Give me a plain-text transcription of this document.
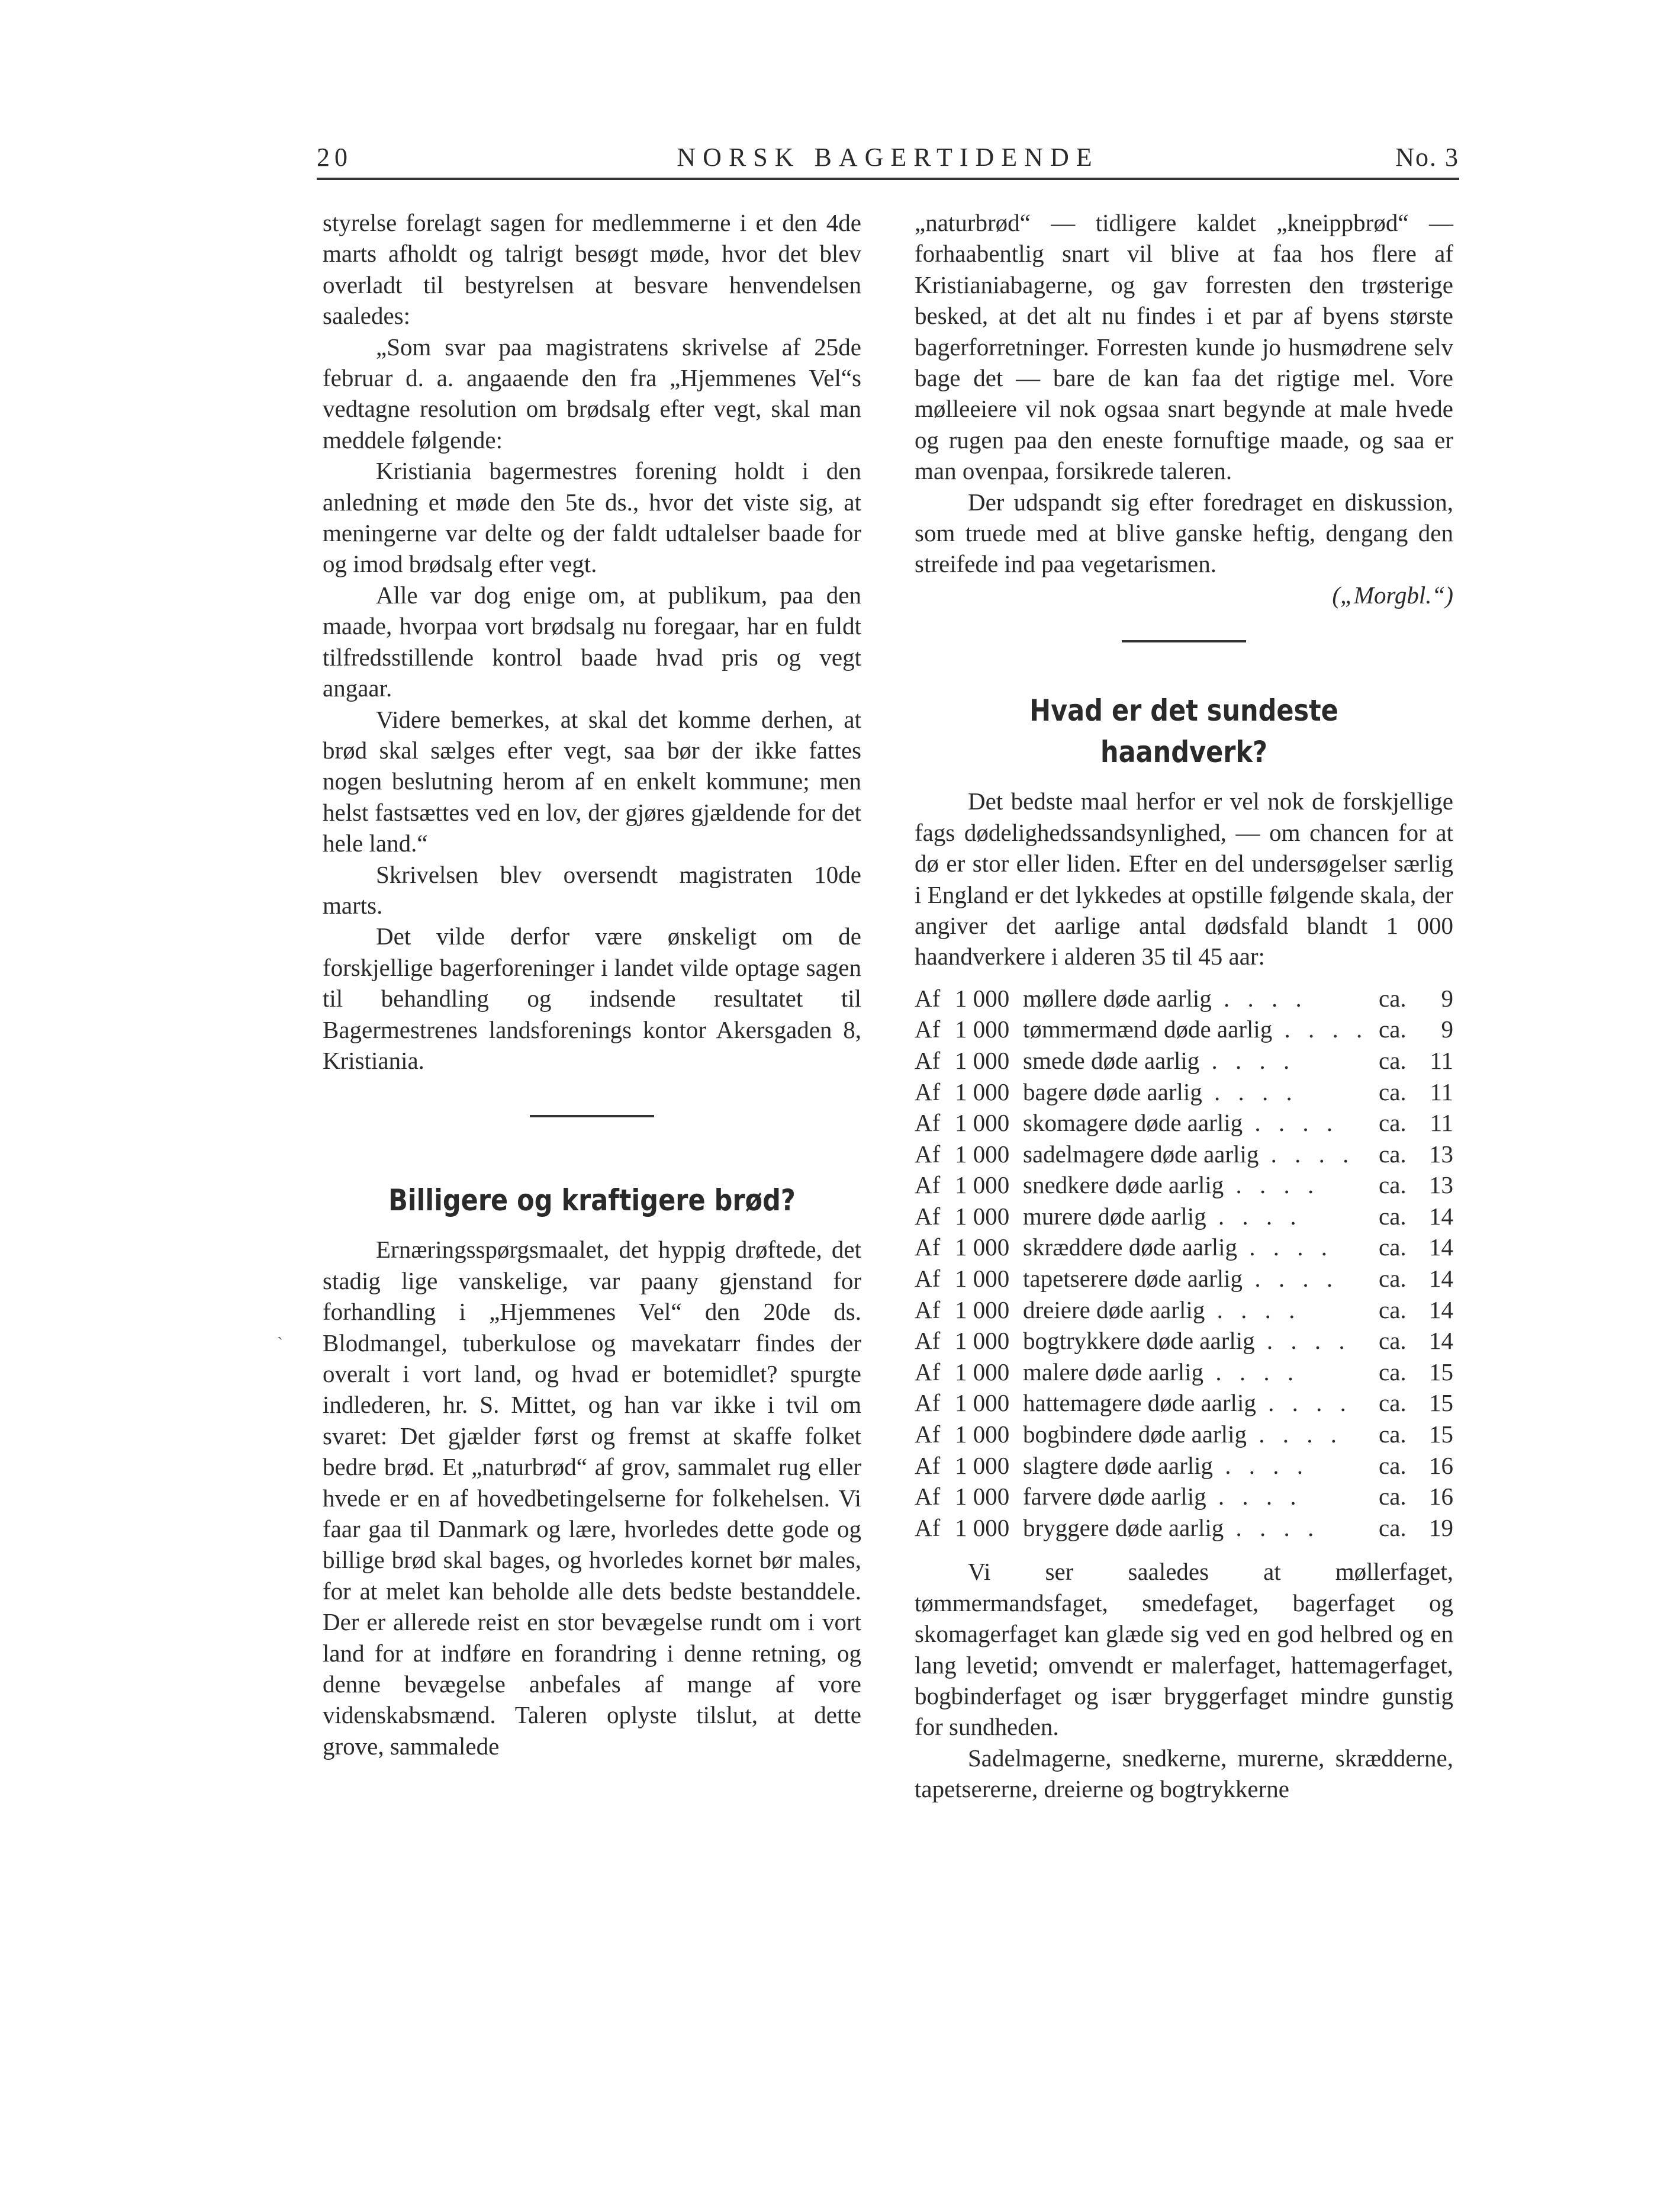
20	NORSK BAGERTIDENDE	No. 3

styrelse forelagt sagen for medlemmerne i et den 4de marts afholdt og talrigt besøgt møde, hvor det blev overladt til bestyrelsen at besvare henvendelsen saaledes:

„Som svar paa magistratens skrivelse af 25de februar d. a. angaaende den fra „Hjemmenes Vel“s vedtagne resolution om brødsalg efter vegt, skal man meddele følgende:

Kristiania bagermestres forening holdt i den anledning et møde den 5te ds., hvor det viste sig, at meningerne var delte og der faldt udtalelser baade for og imod brødsalg efter vegt.

Alle var dog enige om, at publikum, paa den maade, hvorpaa vort brødsalg nu foregaar, har en fuldt tilfredsstillende kontrol baade hvad pris og vegt angaar.

Videre bemerkes, at skal det komme derhen, at brød skal sælges efter vegt, saa bør der ikke fattes nogen beslutning herom af en enkelt kommune; men helst fastsættes ved en lov, der gjøres gjældende for det hele land.“

Skrivelsen blev oversendt magistraten 10de marts.

Det vilde derfor være ønskeligt om de forskjellige bagerforeninger i landet vilde optage sagen til behandling og indsende resultatet til Bagermestrenes landsforenings kontor Akersgaden 8, Kristiania.

Billigere og kraftigere brød?

Ernæringsspørgsmaalet, det hyppig drøftede, det stadig lige vanskelige, var paany gjenstand for forhandling i „Hjemmenes Vel“ den 20de ds. Blodmangel, tuberkulose og mavekatarr findes der overalt i vort land, og hvad er botemidlet? spurgte indlederen, hr. S. Mittet, og han var ikke i tvil om svaret: Det gjælder først og fremst at skaffe folket bedre brød. Et „naturbrød“ af grov, sammalet rug eller hvede er en af hovedbetingelserne for folkehelsen. Vi faar gaa til Danmark og lære, hvorledes dette gode og billige brød skal bages, og hvorledes kornet bør males, for at melet kan beholde alle dets bedste bestanddele. Der er allerede reist en stor bevægelse rundt om i vort land for at indføre en forandring i denne retning, og denne bevægelse anbefales af mange af vore videnskabsmænd. Taleren oplyste tilslut, at dette grove, sammalede

„naturbrød“ — tidligere kaldet „kneippbrød“ — forhaabentlig snart vil blive at faa hos flere af Kristianiabagerne, og gav forresten den trøsterige besked, at det alt nu findes i et par af byens største bagerforretninger. Forresten kunde jo husmødrene selv bage det — bare de kan faa det rigtige mel. Vore mølleeiere vil nok ogsaa snart begynde at male hvede og rugen paa den eneste fornuftige maade, og saa er man ovenpaa, forsikrede taleren.

Der udspandt sig efter foredraget en diskussion, som truede med at blive ganske heftig, dengang den streifede ind paa vegetarismen.

(„Morgbl.“)

Hvad er det sundeste haandverk?

Det bedste maal herfor er vel nok de forskjellige fags dødelighedssandsynlighed, — om chancen for at dø er stor eller liden. Efter en del undersøgelser særlig i England er det lykkedes at opstille følgende skala, der angiver det aarlige antal dødsfald blandt 1 000 haandverkere i alderen 35 til 45 aar:

Af	1 000	møllere døde aarlig . . . .	ca.	9
Af	1 000	tømmermænd døde aarlig . . . .	ca.	9
Af	1 000	smede døde aarlig . . . .	ca.	11
Af	1 000	bagere døde aarlig . . . .	ca.	11
Af	1 000	skomagere døde aarlig . . . .	ca.	11
Af	1 000	sadelmagere døde aarlig . . . .	ca.	13
Af	1 000	snedkere døde aarlig . . . .	ca.	13
Af	1 000	murere døde aarlig . . . .	ca.	14
Af	1 000	skræddere døde aarlig . . . .	ca.	14
Af	1 000	tapetserere døde aarlig . . . .	ca.	14
Af	1 000	dreiere døde aarlig . . . .	ca.	14
Af	1 000	bogtrykkere døde aarlig . . . .	ca.	14
Af	1 000	malere døde aarlig . . . .	ca.	15
Af	1 000	hattemagere døde aarlig . . . .	ca.	15
Af	1 000	bogbindere døde aarlig . . . .	ca.	15
Af	1 000	slagtere døde aarlig . . . .	ca.	16
Af	1 000	farvere døde aarlig . . . .	ca.	16
Af	1 000	bryggere døde aarlig . . . .	ca.	19

Vi ser saaledes at møllerfaget, tømmermandsfaget, smedefaget, bagerfaget og skomagerfaget kan glæde sig ved en god helbred og en lang levetid; omvendt er malerfaget, hattemagerfaget, bogbinderfaget og især bryggerfaget mindre gunstig for sundheden.

Sadelmagerne, snedkerne, murerne, skrædderne, tapetsererne, dreierne og bogtrykkerne

ˏ
